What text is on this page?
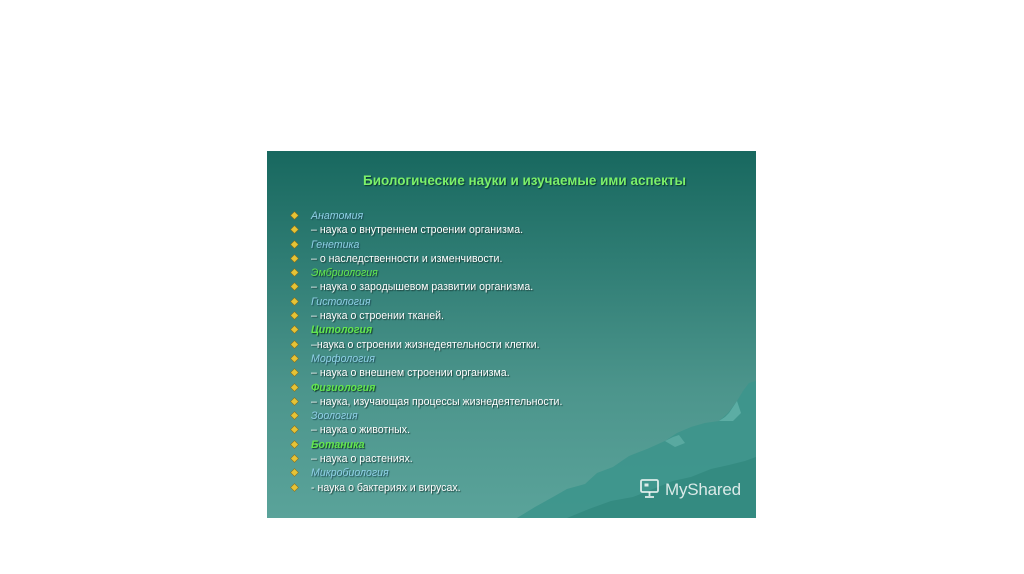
Биологические науки и изучаемые ими аспекты
Анатомия
– наука о внутреннем строении организма.
Генетика
– о наследственности и изменчивости.
Эмбриология
– наука о зародышевом развитии организма.
Гистология
– наука о строении тканей.
Цитология
–наука о строении жизнедеятельности клетки.
Морфология
– наука о внешнем строении организма.
Физиология
– наука, изучающая процессы жизнедеятельности.
Зоология
– наука о животных.
Ботаника
– наука о растениях.
Микробиология
- наука о бактериях и вирусах.	MyShared
